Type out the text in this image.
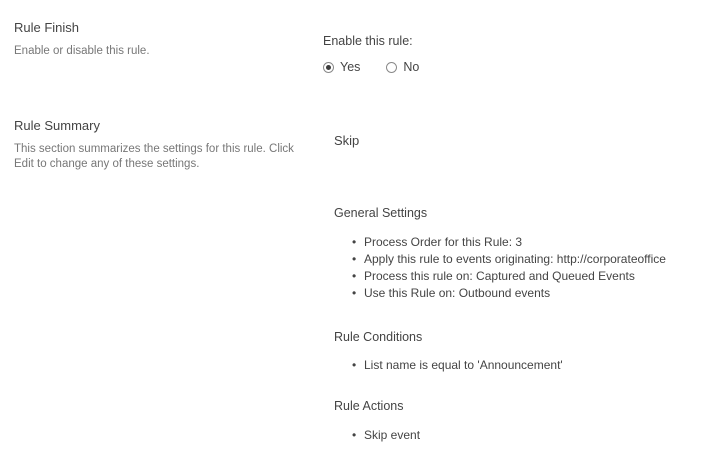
Rule Finish
Enable or disable this rule.
Rule Summary
This section summarizes the settings for this rule. Click Edit to change any of these settings.
Enable this rule:
Yes	No
Skip
General Settings
• Process Order for this Rule: 3
• Apply this rule to events originating: http://corporateoffice
• Process this rule on: Captured and Queued Events
• Use this Rule on: Outbound events
Rule Conditions
• List name is equal to 'Announcement'
Rule Actions
• Skip event
